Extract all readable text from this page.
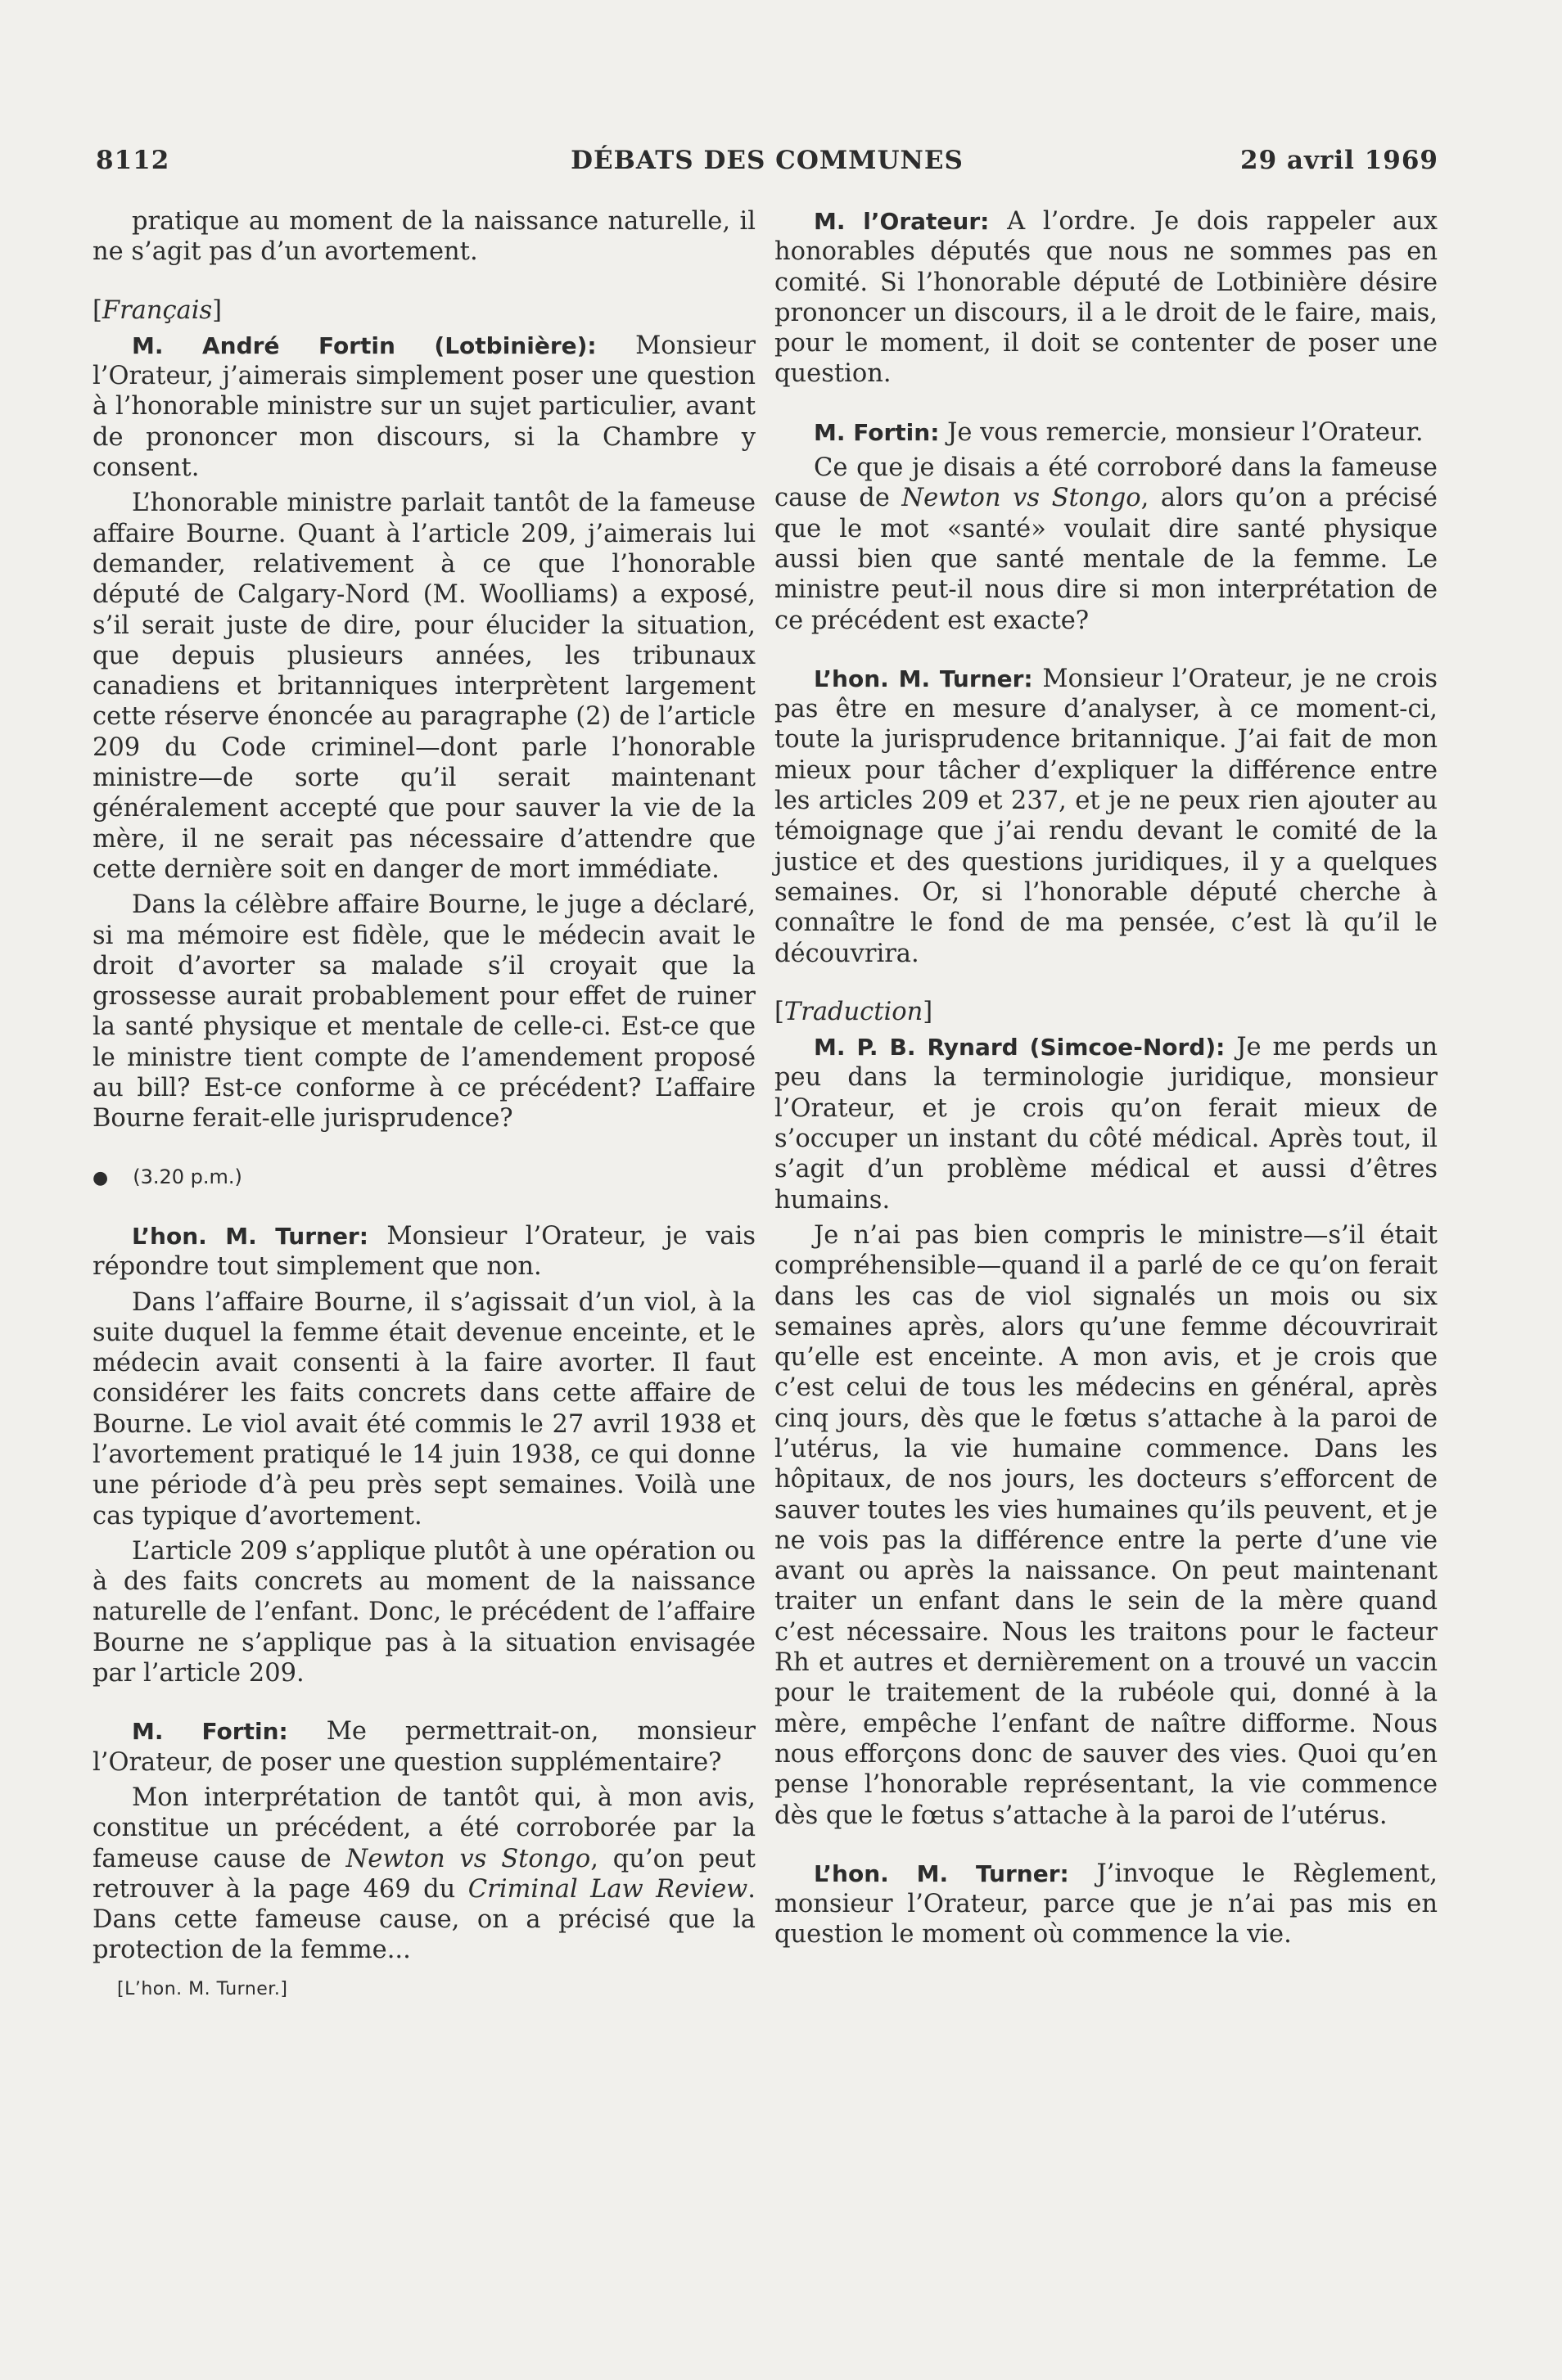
8112	DÉBATS DES COMMUNES	29 avril 1969

pratique au moment de la naissance naturelle, il ne s’agit pas d’un avortement.

[Français]

M. André Fortin (Lotbinière): Monsieur l’Orateur, j’aimerais simplement poser une question à l’honorable ministre sur un sujet particulier, avant de prononcer mon discours, si la Chambre y consent.

L’honorable ministre parlait tantôt de la fameuse affaire Bourne. Quant à l’article 209, j’aimerais lui demander, relativement à ce que l’honorable député de Calgary-Nord (M. Woolliams) a exposé, s’il serait juste de dire, pour élucider la situation, que depuis plusieurs années, les tribunaux canadiens et britanniques interprètent largement cette réserve énoncée au paragraphe (2) de l’article 209 du Code criminel—dont parle l’honorable ministre—de sorte qu’il serait maintenant généralement accepté que pour sauver la vie de la mère, il ne serait pas nécessaire d’attendre que cette dernière soit en danger de mort immédiate.

Dans la célèbre affaire Bourne, le juge a déclaré, si ma mémoire est fidèle, que le médecin avait le droit d’avorter sa malade s’il croyait que la grossesse aurait probablement pour effet de ruiner la santé physique et mentale de celle-ci. Est-ce que le ministre tient compte de l’amendement proposé au bill? Est-ce conforme à ce précédent? L’affaire Bourne ferait-elle jurisprudence?

● (3.20 p.m.)

L’hon. M. Turner: Monsieur l’Orateur, je vais répondre tout simplement que non.

Dans l’affaire Bourne, il s’agissait d’un viol, à la suite duquel la femme était devenue enceinte, et le médecin avait consenti à la faire avorter. Il faut considérer les faits concrets dans cette affaire de Bourne. Le viol avait été commis le 27 avril 1938 et l’avortement pratiqué le 14 juin 1938, ce qui donne une période d’à peu près sept semaines. Voilà une cas typique d’avortement.

L’article 209 s’applique plutôt à une opération ou à des faits concrets au moment de la naissance naturelle de l’enfant. Donc, le précédent de l’affaire Bourne ne s’applique pas à la situation envisagée par l’article 209.

M. Fortin: Me permettrait-on, monsieur l’Orateur, de poser une question supplémentaire?

Mon interprétation de tantôt qui, à mon avis, constitue un précédent, a été corroborée par la fameuse cause de Newton vs Stongo, qu’on peut retrouver à la page 469 du Criminal Law Review. Dans cette fameuse cause, on a précisé que la protection de la femme...

[L’hon. M. Turner.]

M. l’Orateur: A l’ordre. Je dois rappeler aux honorables députés que nous ne sommes pas en comité. Si l’honorable député de Lotbinière désire prononcer un discours, il a le droit de le faire, mais, pour le moment, il doit se contenter de poser une question.

M. Fortin: Je vous remercie, monsieur l’Orateur.

Ce que je disais a été corroboré dans la fameuse cause de Newton vs Stongo, alors qu’on a précisé que le mot «santé» voulait dire santé physique aussi bien que santé mentale de la femme. Le ministre peut-il nous dire si mon interprétation de ce précédent est exacte?

L’hon. M. Turner: Monsieur l’Orateur, je ne crois pas être en mesure d’analyser, à ce moment-ci, toute la jurisprudence britannique. J’ai fait de mon mieux pour tâcher d’expliquer la différence entre les articles 209 et 237, et je ne peux rien ajouter au témoignage que j’ai rendu devant le comité de la justice et des questions juridiques, il y a quelques semaines. Or, si l’honorable député cherche à connaître le fond de ma pensée, c’est là qu’il le découvrira.

[Traduction]

M. P. B. Rynard (Simcoe-Nord): Je me perds un peu dans la terminologie juridique, monsieur l’Orateur, et je crois qu’on ferait mieux de s’occuper un instant du côté médical. Après tout, il s’agit d’un problème médical et aussi d’êtres humains.

Je n’ai pas bien compris le ministre—s’il était compréhensible—quand il a parlé de ce qu’on ferait dans les cas de viol signalés un mois ou six semaines après, alors qu’une femme découvrirait qu’elle est enceinte. A mon avis, et je crois que c’est celui de tous les médecins en général, après cinq jours, dès que le fœtus s’attache à la paroi de l’utérus, la vie humaine commence. Dans les hôpitaux, de nos jours, les docteurs s’efforcent de sauver toutes les vies humaines qu’ils peuvent, et je ne vois pas la différence entre la perte d’une vie avant ou après la naissance. On peut maintenant traiter un enfant dans le sein de la mère quand c’est nécessaire. Nous les traitons pour le facteur Rh et autres et dernièrement on a trouvé un vaccin pour le traitement de la rubéole qui, donné à la mère, empêche l’enfant de naître difforme. Nous nous efforçons donc de sauver des vies. Quoi qu’en pense l’honorable représentant, la vie commence dès que le fœtus s’attache à la paroi de l’utérus.

L’hon. M. Turner: J’invoque le Règlement, monsieur l’Orateur, parce que je n’ai pas mis en question le moment où commence la vie.
